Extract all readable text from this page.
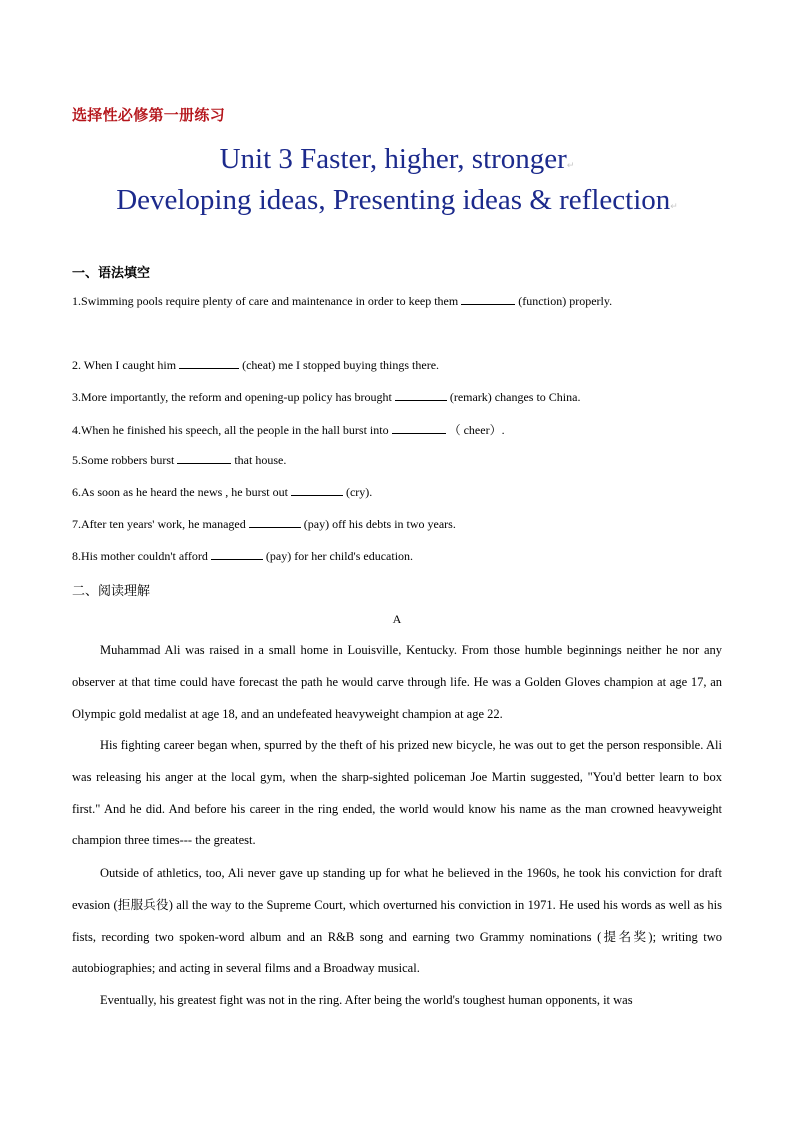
选择性必修第一册练习
Unit 3 Faster, higher, stronger↵
Developing ideas, Presenting ideas & reflection↵
一、语法填空
1.Swimming pools require plenty of care and maintenance in order to keep them	(function) properly.
2. When I caught him	(cheat) me I stopped buying things there.
3.More importantly, the reform and opening-up policy has brought	(remark) changes to China.
4.When he finished his speech, all the people in the hall burst into	（ cheer）.
5.Some robbers burst	that house.
6.As soon as he heard the news , he burst out	(cry).
7.After ten years' work, he managed	(pay) off his debts in two years.
8.His mother couldn't afford	(pay) for her child's education.
二、阅读理解
A
Muhammad Ali was raised in a small home in Louisville, Kentucky. From those humble beginnings neither he nor any observer at that time could have forecast the path he would carve through life. He was a Golden Gloves champion at age 17, an Olympic gold medalist at age 18, and an undefeated heavyweight champion at age 22.
His fighting career began when, spurred by the theft of his prized new bicycle, he was out to get the person responsible. Ali was releasing his anger at the local gym, when the sharp-sighted policeman Joe Martin suggested, "You'd better learn to box first." And he did. And before his career in the ring ended, the world would know his name as the man crowned heavyweight champion three times--- the greatest.
Outside of athletics, too, Ali never gave up standing up for what he believed in the 1960s, he took his conviction for draft evasion (拒服兵役) all the way to the Supreme Court, which overturned his conviction in 1971. He used his words as well as his fists, recording two spoken-word album and an R&B song and earning two Grammy nominations (提名奖); writing two autobiographies; and acting in several films and a Broadway musical.
Eventually, his greatest fight was not in the ring. After being the world's toughest human opponents, it was
